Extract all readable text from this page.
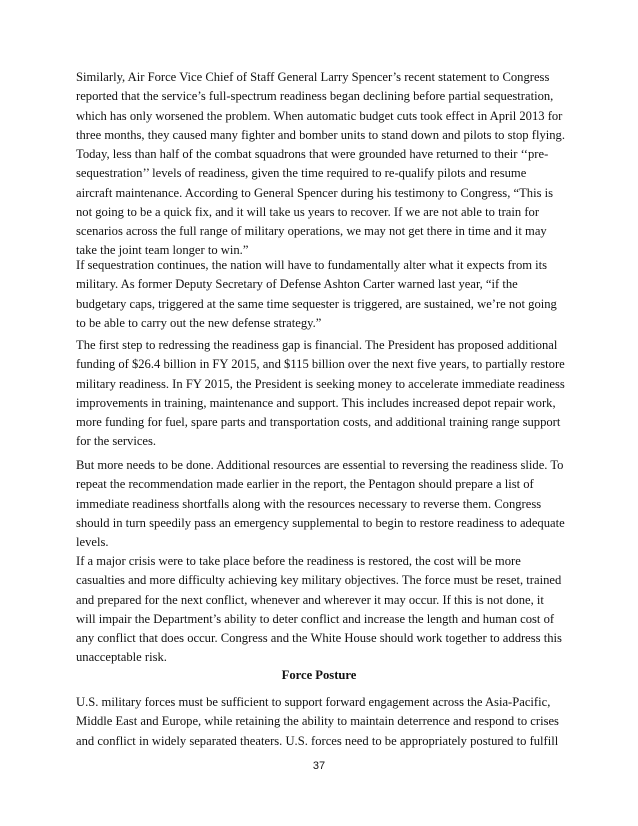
Similarly, Air Force Vice Chief of Staff General Larry Spencer’s recent statement to Congress
reported that the service’s full-spectrum readiness began declining before partial sequestration,
which has only worsened the problem. When automatic budget cuts took effect in April 2013 for
three months, they caused many fighter and bomber units to stand down and pilots to stop flying.
Today, less than half of the combat squadrons that were grounded have returned to their ‘‘pre-
sequestration’’ levels of readiness, given the time required to re-qualify pilots and resume
aircraft maintenance. According to General Spencer during his testimony to Congress, “This is
not going to be a quick fix, and it will take us years to recover. If we are not able to train for
scenarios across the full range of military operations, we may not get there in time and it may
take the joint team longer to win.”
If sequestration continues, the nation will have to fundamentally alter what it expects from its
military. As former Deputy Secretary of Defense Ashton Carter warned last year, “if the
budgetary caps, triggered at the same time sequester is triggered, are sustained, we’re not going
to be able to carry out the new defense strategy.”
The first step to redressing the readiness gap is financial. The President has proposed additional
funding of $26.4 billion in FY 2015, and $115 billion over the next five years, to partially restore
military readiness. In FY 2015, the President is seeking money to accelerate immediate readiness
improvements in training, maintenance and support. This includes increased depot repair work,
more funding for fuel, spare parts and transportation costs, and additional training range support
for the services.
But more needs to be done. Additional resources are essential to reversing the readiness slide. To
repeat the recommendation made earlier in the report, the Pentagon should prepare a list of
immediate readiness shortfalls along with the resources necessary to reverse them. Congress
should in turn speedily pass an emergency supplemental to begin to restore readiness to adequate
levels.
If a major crisis were to take place before the readiness is restored, the cost will be more
casualties and more difficulty achieving key military objectives. The force must be reset, trained
and prepared for the next conflict, whenever and wherever it may occur. If this is not done, it
will impair the Department’s ability to deter conflict and increase the length and human cost of
any conflict that does occur. Congress and the White House should work together to address this
unacceptable risk.
Force Posture
U.S. military forces must be sufficient to support forward engagement across the Asia-Pacific,
Middle East and Europe, while retaining the ability to maintain deterrence and respond to crises
and conflict in widely separated theaters. U.S. forces need to be appropriately postured to fulfill
37
